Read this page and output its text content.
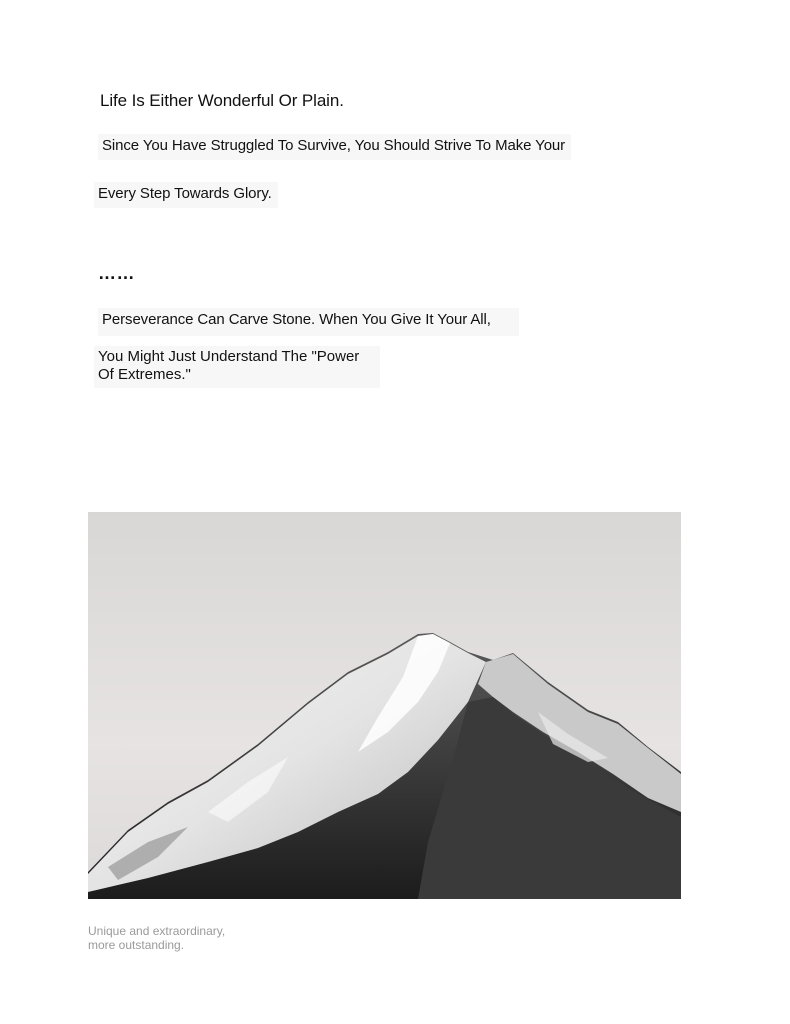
Life Is Either Wonderful Or Plain.
Since You Have Struggled To Survive, You Should Strive To Make Your
Every Step Towards Glory.
……
Perseverance Can Carve Stone. When You Give It Your All,
You Might Just Understand The "Power
Of Extremes."
Unique and extraordinary,
more outstanding.
